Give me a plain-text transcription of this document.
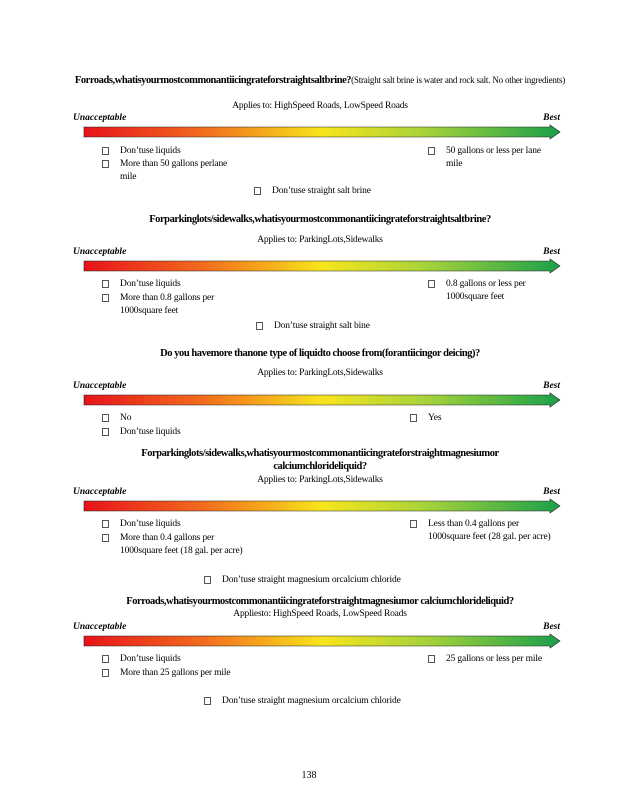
Forroads,whatisyourmostcommonantiicingrateforstraightsaltbrine?(Straight salt brine is water and rock salt. No other ingredients)
Applies to: HighSpeed Roads, LowSpeed Roads
Unacceptable	Best
Don’tuse liquids
More than 50 gallons perlane mile
50 gallons or less per lane mile
Don’tuse straight salt brine
Forparkinglots/sidewalks,whatisyourmostcommonantiicingrateforstraightsaltbrine?
Applies to: ParkingLots,Sidewalks
Unacceptable	Best
Don’tuse liquids
More than 0.8 gallons per 1000square feet
0.8 gallons or less per 1000square feet
Don’tuse straight salt bine
Do you havemore thanone type of liquidto choose from(forantiicingor deicing)?
Applies to: ParkingLots,Sidewalks
Unacceptable	Best
No
Don’tuse liquids
Yes
Forparkinglots/sidewalks,whatisyourmostcommonantiicingrateforstraightmagnesiumor calciumchlorideliquid?
Applies to: ParkingLots,Sidewalks
Unacceptable	Best
Don’tuse liquids
More than 0.4 gallons per 1000square feet (18 gal. per acre)
Less than 0.4 gallons per 1000square feet (28 gal. per acre)
Don’tuse straight magnesium orcalcium chloride
Forroads,whatisyourmostcommonantiicingrateforstraightmagnesiumor calciumchlorideliquid?
Appliesto: HighSpeed Roads, LowSpeed Roads
Unacceptable	Best
Don’tuse liquids
More than 25 gallons per mile
25 gallons or less per mile
Don’tuse straight magnesium orcalcium chloride
138
